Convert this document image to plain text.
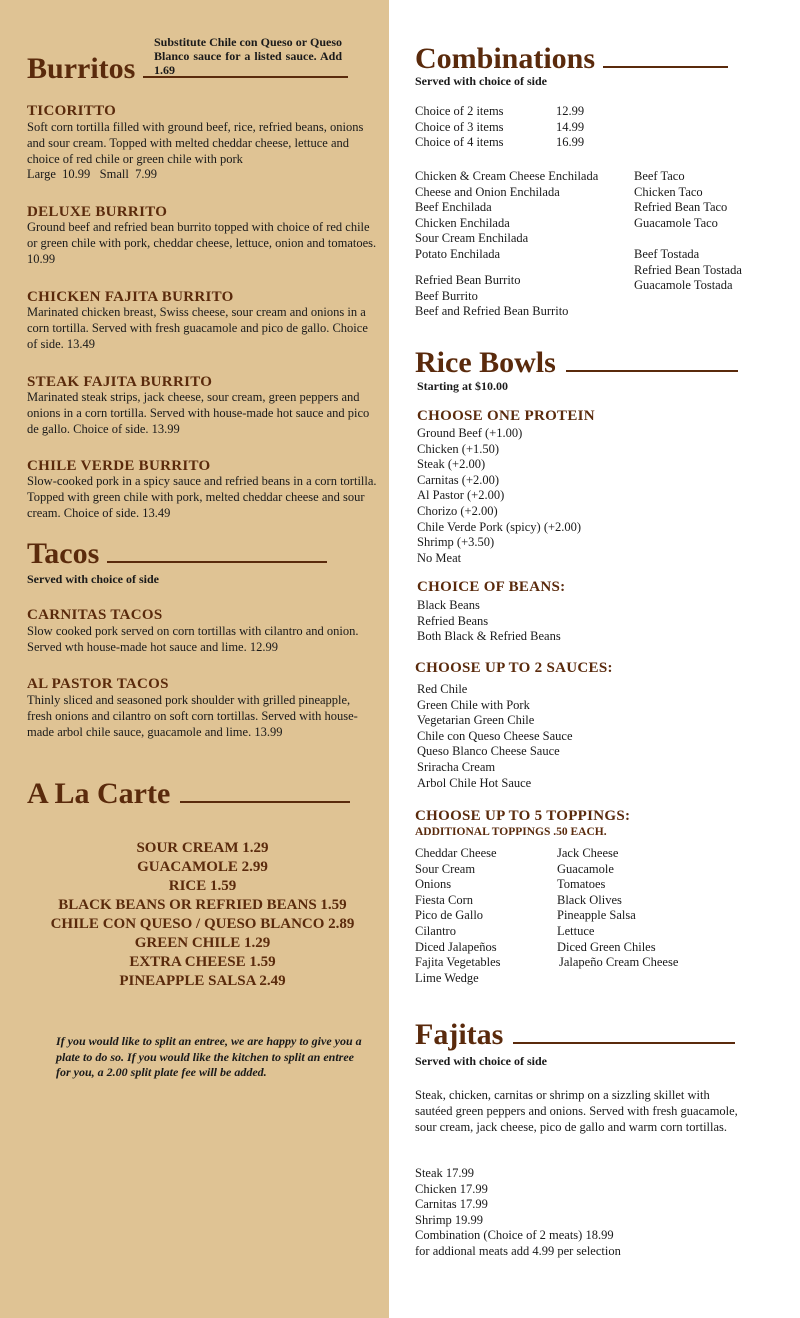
Burritos
Substitute Chile con Queso or Queso Blanco sauce for a listed sauce. Add 1.69
TICORITTO
Soft corn tortilla filled with ground beef, rice, refried beans, onions and sour cream. Topped with melted cheddar cheese, lettuce and choice of red chile or green chile with pork
Large  10.99   Small  7.99
DELUXE BURRITO
Ground beef and refried bean burrito topped with choice of red chile or green chile with pork, cheddar cheese, lettuce, onion and tomatoes. 10.99
CHICKEN FAJITA BURRITO
Marinated chicken breast, Swiss cheese, sour cream and onions in a corn tortilla. Served with fresh guacamole and pico de gallo. Choice of side. 13.49
STEAK FAJITA BURRITO
Marinated steak strips, jack cheese, sour cream, green peppers and onions in a corn tortilla. Served with house-made hot sauce and pico de gallo. Choice of side. 13.99
CHILE VERDE BURRITO
Slow-cooked pork in a spicy sauce and refried beans in a corn tortilla. Topped with green chile with pork, melted cheddar cheese and sour cream. Choice of side. 13.49
Tacos
Served with choice of side
CARNITAS TACOS
Slow cooked pork served on corn tortillas with cilantro and onion. Served wth house-made hot sauce and lime. 12.99
AL PASTOR TACOS
Thinly sliced and seasoned pork shoulder with grilled pineapple, fresh onions and cilantro on soft corn tortillas. Served with house-made arbol chile sauce, guacamole and lime. 13.99
A La Carte
SOUR CREAM 1.29
GUACAMOLE 2.99
RICE 1.59
BLACK BEANS OR REFRIED BEANS 1.59
CHILE CON QUESO / QUESO BLANCO 2.89
GREEN CHILE 1.29
EXTRA CHEESE 1.59
PINEAPPLE SALSA 2.49
If you would like to split an entree, we are happy to give you a plate to do so. If you would like the kitchen to split an entree for you, a 2.00 split plate fee will be added.
Combinations
Served with choice of side
Choice of 2 items
Choice of 3 items
Choice of 4 items
12.99
14.99
16.99
Chicken & Cream Cheese Enchilada
Cheese and Onion Enchilada
Beef Enchilada
Chicken Enchilada
Sour Cream Enchilada
Potato Enchilada
Refried Bean Burrito
Beef Burrito
Beef and Refried Bean Burrito
Beef Taco
Chicken Taco
Refried Bean Taco
Guacamole Taco
Beef Tostada
Refried Bean Tostada
Guacamole Tostada
Rice Bowls
Starting at $10.00
CHOOSE ONE PROTEIN
Ground Beef (+1.00)
Chicken (+1.50)
Steak (+2.00)
Carnitas (+2.00)
Al Pastor (+2.00)
Chorizo (+2.00)
Chile Verde Pork (spicy) (+2.00)
Shrimp (+3.50)
No Meat
CHOICE OF BEANS:
Black Beans
Refried Beans
Both Black & Refried Beans
CHOOSE UP TO 2 SAUCES:
Red Chile
Green Chile with Pork
Vegetarian Green Chile
Chile con Queso Cheese Sauce
Queso Blanco Cheese Sauce
Sriracha Cream
Arbol Chile Hot Sauce
CHOOSE UP TO 5 TOPPINGS:
ADDITIONAL TOPPINGS .50 EACH.
Cheddar Cheese
Sour Cream
Onions
Fiesta Corn
Pico de Gallo
Cilantro
Diced Jalapeños
Fajita Vegetables
Lime Wedge
Jack Cheese
Guacamole
Tomatoes
Black Olives
Pineapple Salsa
Lettuce
Diced Green Chiles
Jalapeño Cream Cheese
Fajitas
Served with choice of side
Steak, chicken, carnitas or shrimp on a sizzling skillet with sautéed green peppers and onions. Served with fresh guacamole, sour cream, jack cheese, pico de gallo and warm corn tortillas.
Steak 17.99
Chicken 17.99
Carnitas 17.99
Shrimp 19.99
Combination (Choice of 2 meats) 18.99
for addional meats add 4.99 per selection
